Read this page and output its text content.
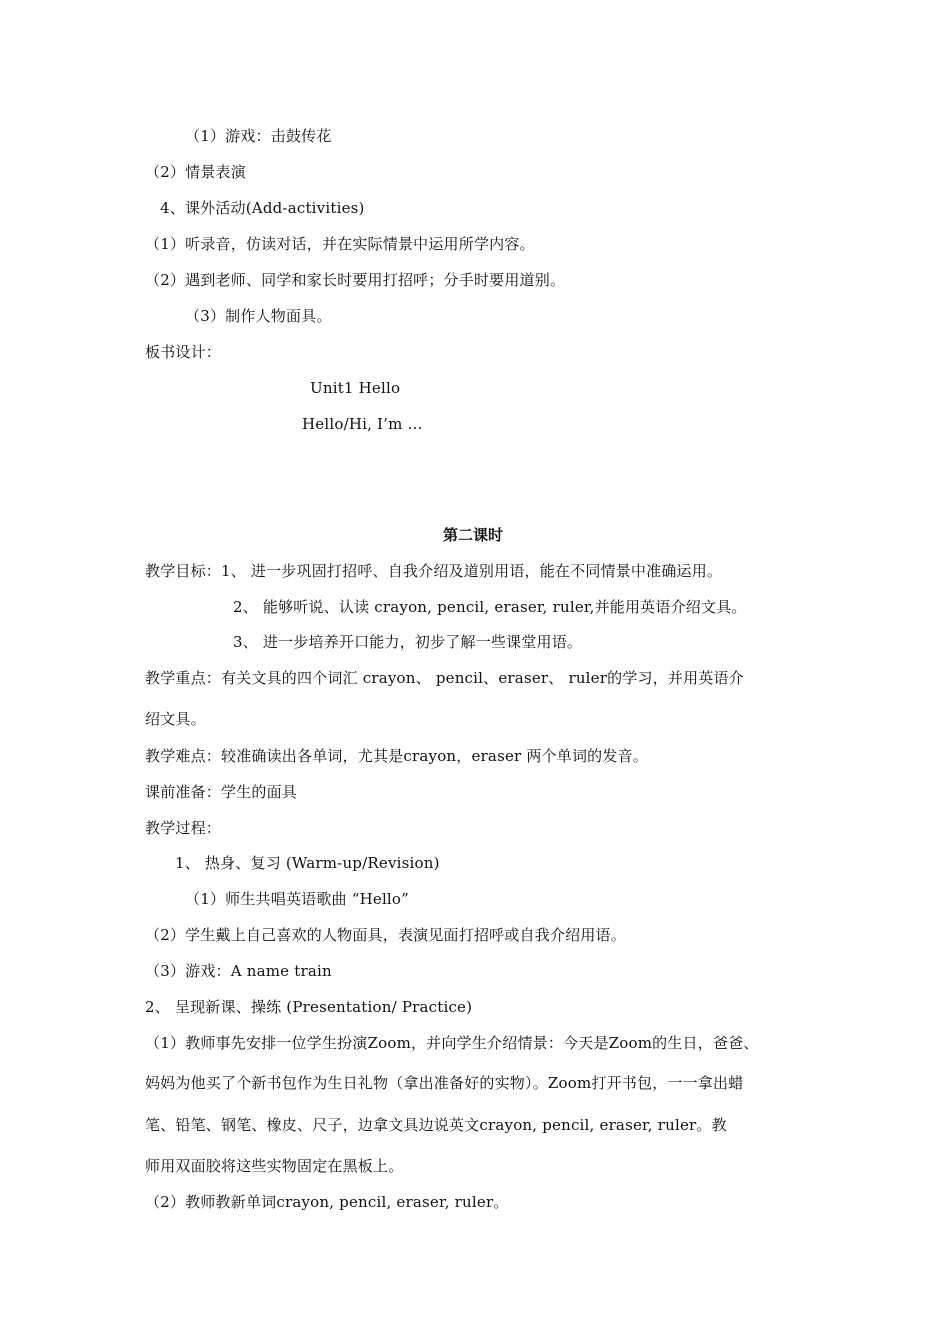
（1）游戏：击鼓传花
（2）情景表演
4、课外活动(Add-activities)
（1）听录音，仿读对话，并在实际情景中运用所学内容。
（2）遇到老师、同学和家长时要用打招呼；分手时要用道别。
（3）制作人物面具。
板书设计：
Unit1 Hello
Hello/Hi, I’m …
第二课时
教学目标：1、 进一步巩固打招呼、自我介绍及道别用语，能在不同情景中准确运用。
2、 能够听说、认读 crayon, pencil, eraser, ruler,并能用英语介绍文具。
3、 进一步培养开口能力，初步了解一些课堂用语。
教学重点：有关文具的四个词汇 crayon、 pencil、eraser、 ruler的学习，并用英语介
绍文具。
教学难点：较准确读出各单词，尤其是crayon，eraser 两个单词的发音。
课前准备：学生的面具
教学过程：
1、 热身、复习 (Warm-up/Revision)
（1）师生共唱英语歌曲 “Hello”
（2）学生戴上自己喜欢的人物面具，表演见面打招呼或自我介绍用语。
（3）游戏：A name train
2、 呈现新课、操练 (Presentation/ Practice)
（1）教师事先安排一位学生扮演Zoom，并向学生介绍情景：今天是Zoom的生日，爸爸、
妈妈为他买了个新书包作为生日礼物（拿出准备好的实物）。Zoom打开书包，一一拿出蜡
笔、铅笔、钢笔、橡皮、尺子，边拿文具边说英文crayon, pencil, eraser, ruler。教
师用双面胶将这些实物固定在黑板上。
（2）教师教新单词crayon, pencil, eraser, ruler。
